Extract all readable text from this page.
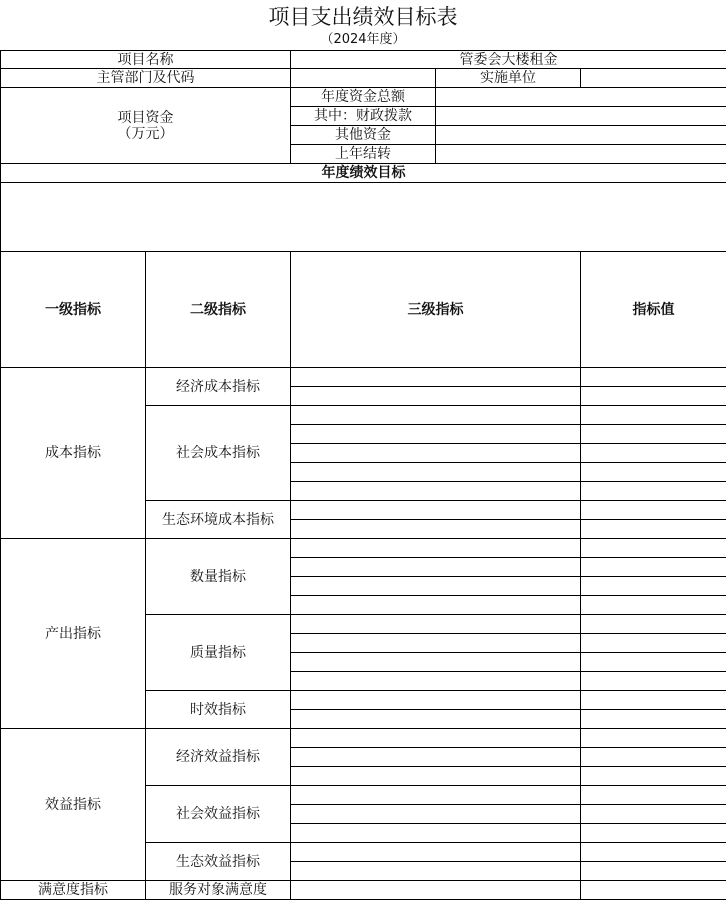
项目支出绩效目标表
（2024年度）
项目名称		管委会大楼租金		
主管部门及代码			实施单位	

项目资金
（万元）		年度资金总额		
		其中：财政拨款		
		其他资金		
		上年结转		
年度绩效目标				

一级指标	二级指标	三级指标		指标值
成本指标	经济成本指标			

	社会成本指标			

	生态环境成本指标			

产出指标	数量指标			

	质量指标			

	时效指标			

效益指标	经济效益指标			

	社会效益指标			

	生态效益指标			

满意度指标	服务对象满意度			
